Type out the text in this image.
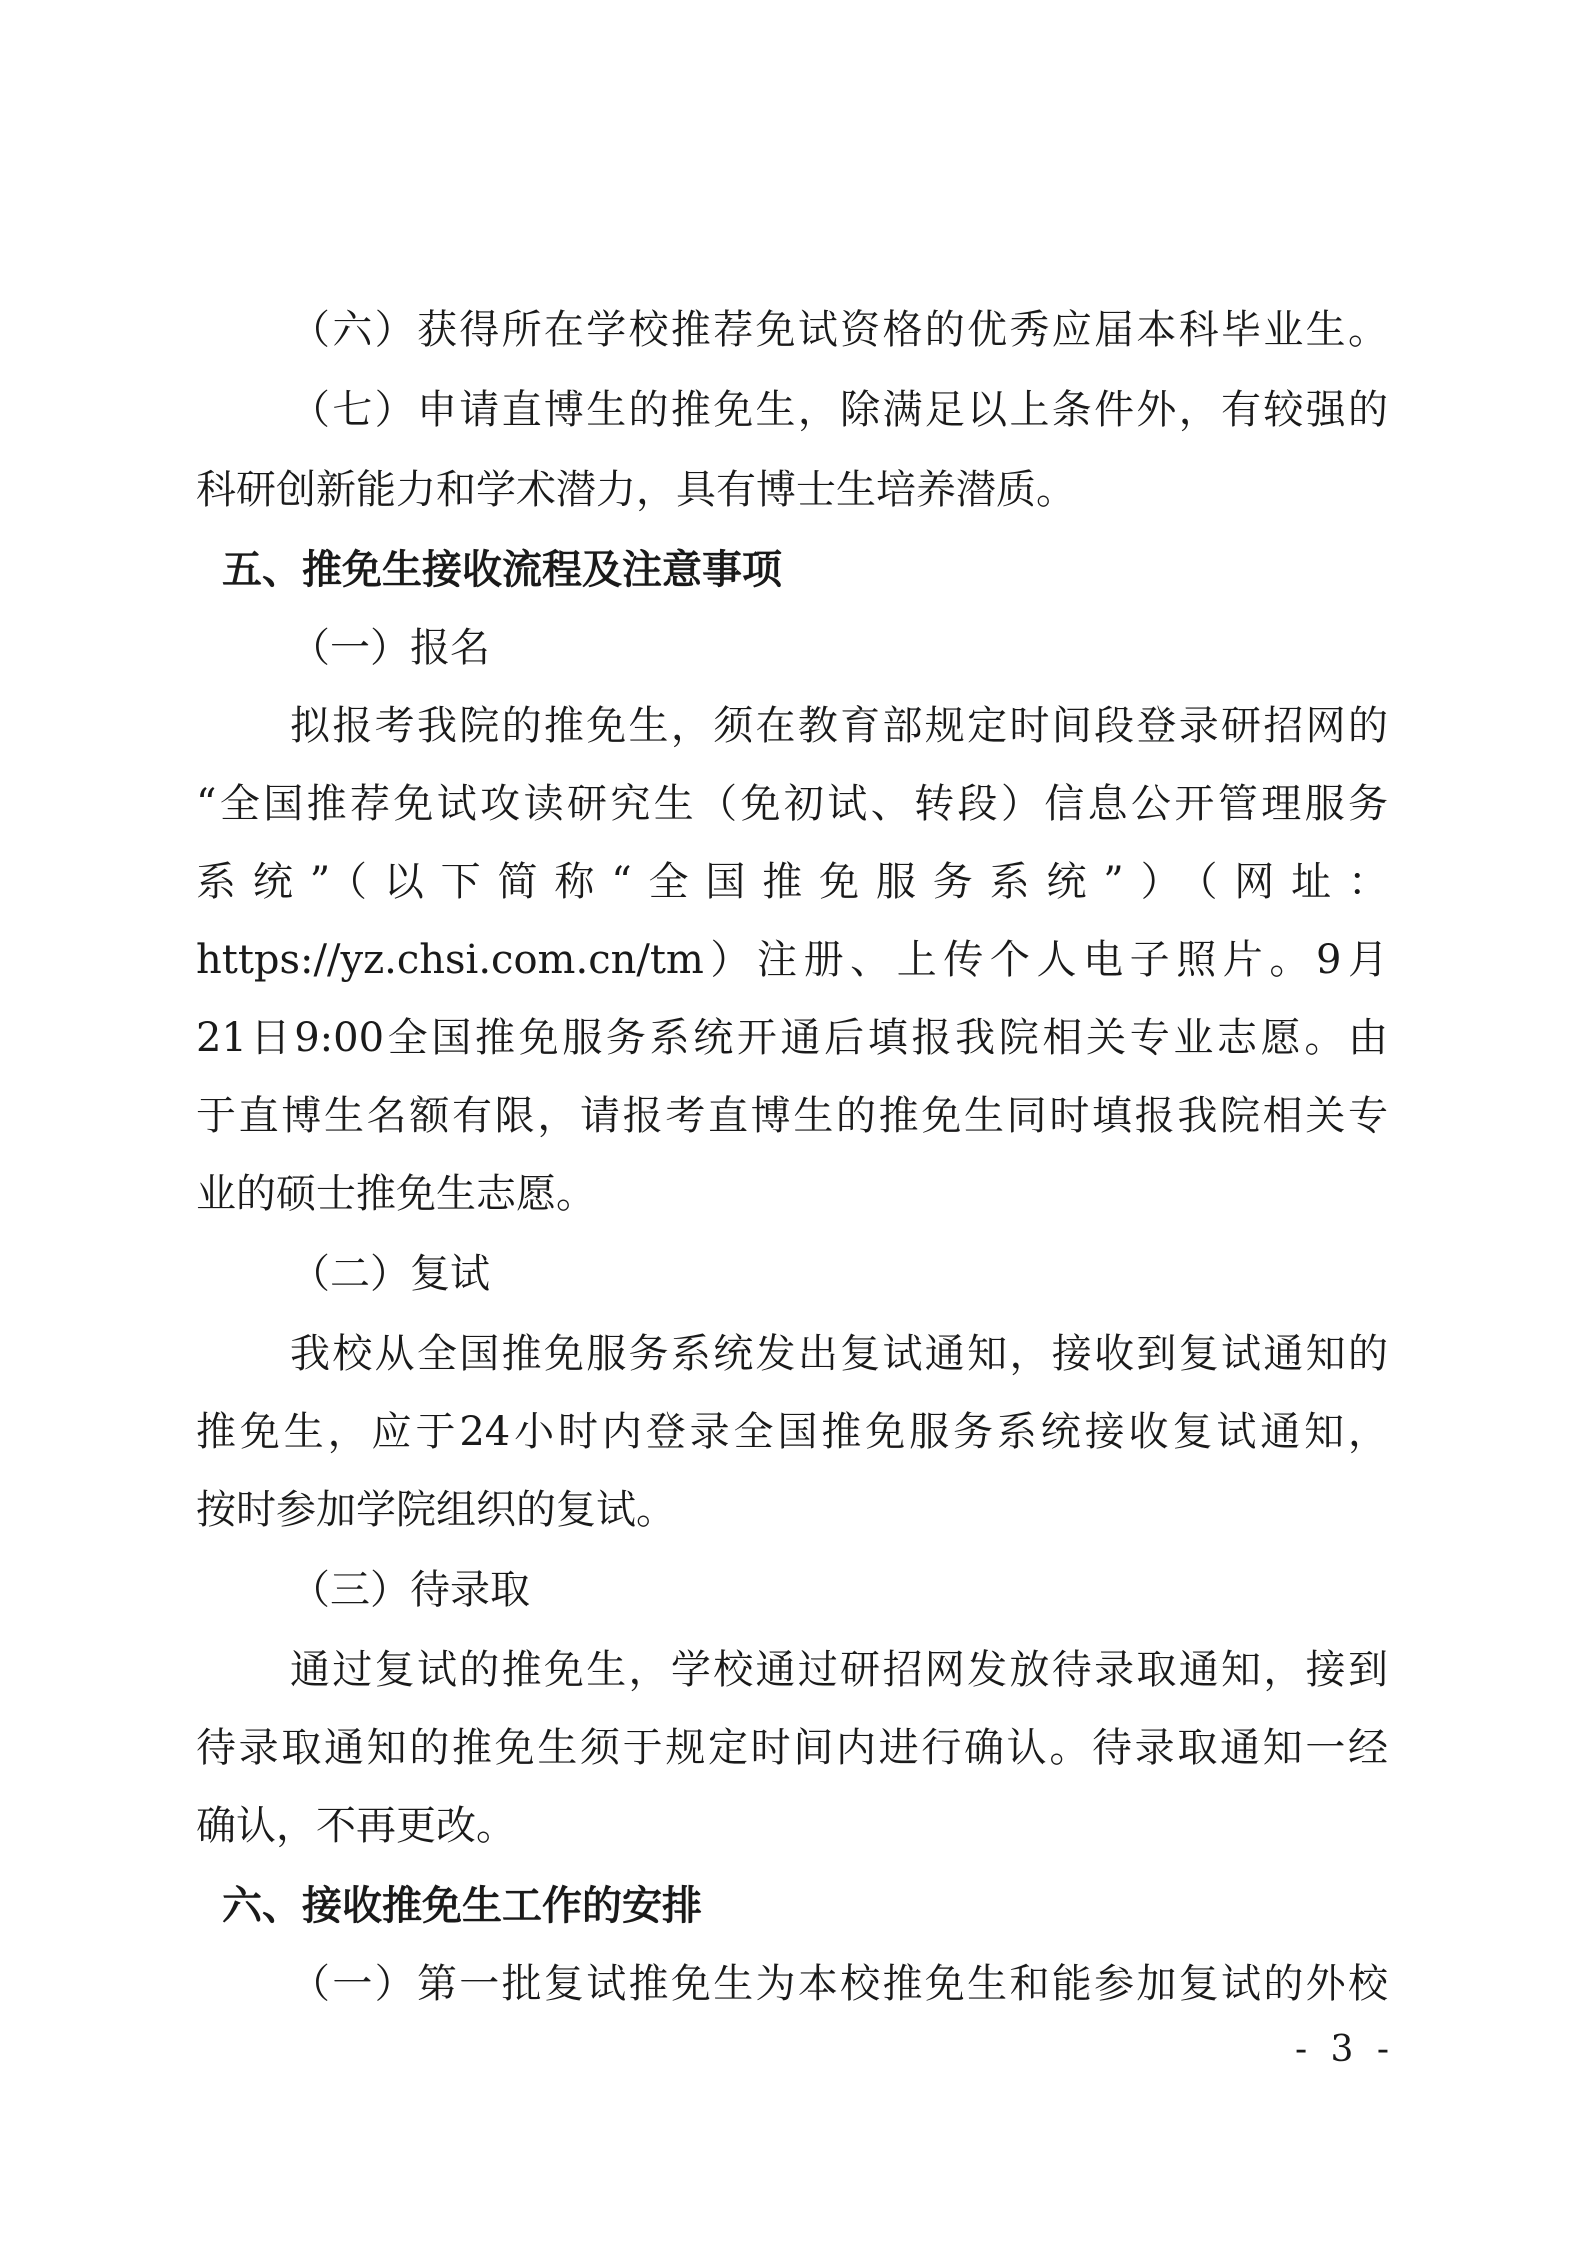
（六）获得所在学校推荐免试资格的优秀应届本科毕业生。
（七）申请直博生的推免生，除满足以上条件外，有较强的
科研创新能力和学术潜力，具有博士生培养潜质。
五、推免生接收流程及注意事项
（一）报名
拟报考我院的推免生，须在教育部规定时间段登录研招网的
“全国推荐免试攻读研究生（免初试、转段）信息公开管理服务
系统”（以下简称“全国推免服务系统”）（网址：
https://yz.chsi.com.cn/tm）注册、上传个人电子照片。9月
21日9:00全国推免服务系统开通后填报我院相关专业志愿。由
于直博生名额有限，请报考直博生的推免生同时填报我院相关专
业的硕士推免生志愿。
（二）复试
我校从全国推免服务系统发出复试通知，接收到复试通知的
推免生，应于24小时内登录全国推免服务系统接收复试通知，
按时参加学院组织的复试。
（三）待录取
通过复试的推免生，学校通过研招网发放待录取通知，接到
待录取通知的推免生须于规定时间内进行确认。待录取通知一经
确认，不再更改。
六、接收推免生工作的安排
（一）第一批复试推免生为本校推免生和能参加复试的外校
- 3 -
